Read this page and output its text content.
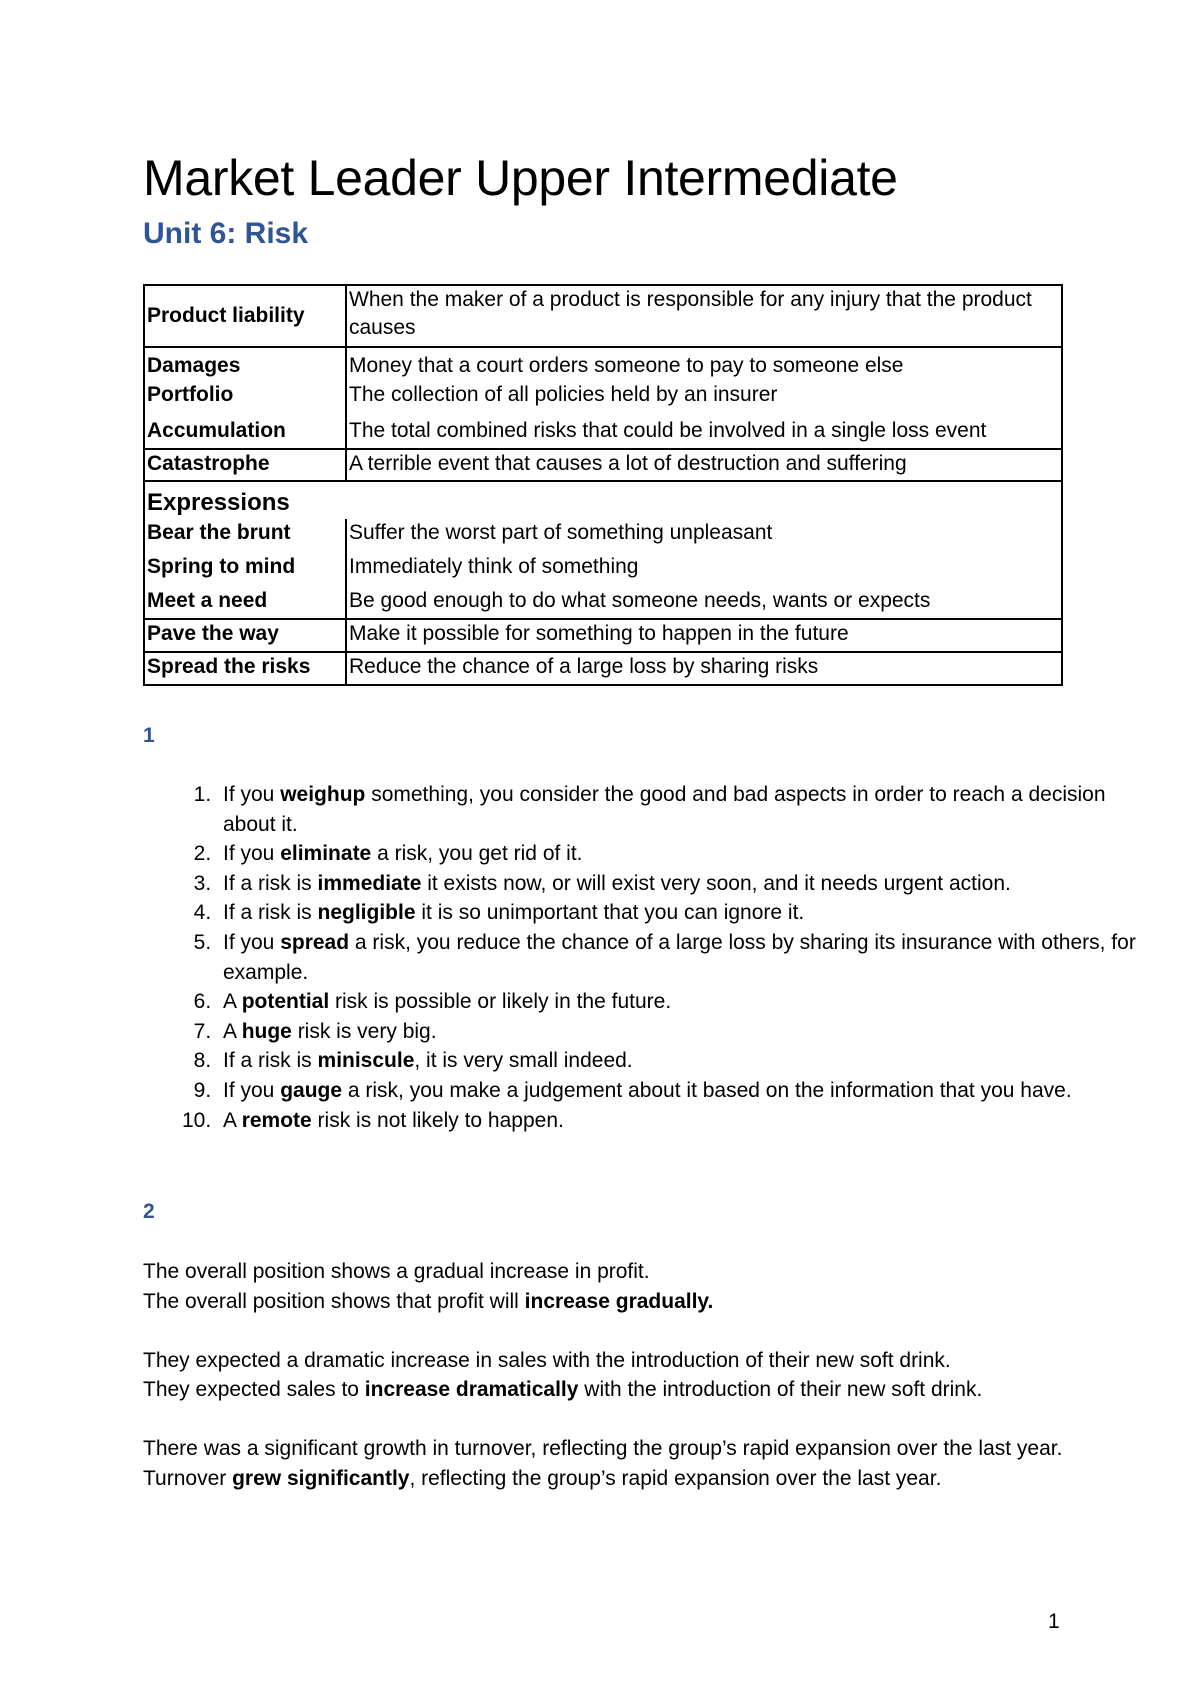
Market Leader Upper Intermediate
Unit 6: Risk
Product liability	When the maker of a product is responsible for any injury that the product causes
Damages	Money that a court orders someone to pay to someone else
Portfolio	The collection of all policies held by an insurer
Accumulation	The total combined risks that could be involved in a single loss event
Catastrophe	A terrible event that causes a lot of destruction and suffering
Expressions	
Bear the brunt	Suffer the worst part of something unpleasant
Spring to mind	Immediately think of something
Meet a need	Be good enough to do what someone needs, wants or expects
Pave the way	Make it possible for something to happen in the future
Spread the risks	Reduce the chance of a large loss by sharing risks
1
1. If you weighup something, you consider the good and bad aspects in order to reach a decision about it.
2. If you eliminate a risk, you get rid of it.
3. If a risk is immediate it exists now, or will exist very soon, and it needs urgent action.
4. If a risk is negligible it is so unimportant that you can ignore it.
5. If you spread a risk, you reduce the chance of a large loss by sharing its insurance with others, for example.
6. A potential risk is possible or likely in the future.
7. A huge risk is very big.
8. If a risk is miniscule, it is very small indeed.
9. If you gauge a risk, you make a judgement about it based on the information that you have.
10. A remote risk is not likely to happen.
2

The overall position shows a gradual increase in profit.
The overall position shows that profit will increase gradually.

They expected a dramatic increase in sales with the introduction of their new soft drink.
They expected sales to increase dramatically with the introduction of their new soft drink.

There was a significant growth in turnover, reflecting the group’s rapid expansion over the last year.
Turnover grew significantly, reflecting the group’s rapid expansion over the last year.

1
